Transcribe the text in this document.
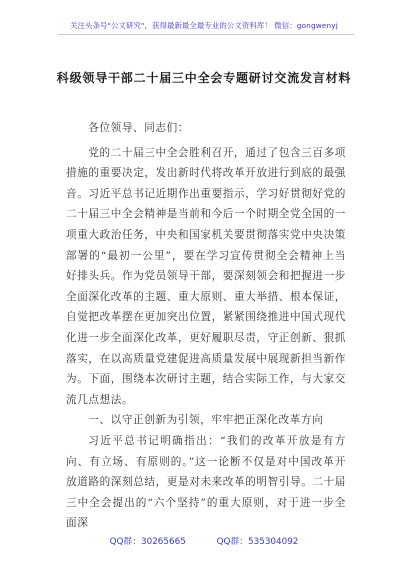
关注头条号"公文研究"，获得最新最全最专业的公文资料库！ 微信：gongwenyj
科级领导干部二十届三中全会专题研讨交流发言材料

各位领导、同志们：

党的二十届三中全会胜利召开，通过了包含三百多项措施的重要决定，发出新时代将改革开放进行到底的最强音。习近平总书记近期作出重要指示，学习好贯彻好党的二十届三中全会精神是当前和今后一个时期全党全国的一项重大政治任务，中央和国家机关要贯彻落实党中央决策部署的“最初一公里”，要在学习宣传贯彻全会精神上当好排头兵。作为党员领导干部，要深刻领会和把握进一步全面深化改革的主题、重大原则、重大举措、根本保证，自觉把改革摆在更加突出位置，紧紧围绕推进中国式现代化进一步全面深化改革，更好履职尽责，守正创新、狠抓落实，在以高质量党建促进高质量发展中展现新担当新作为。下面，围绕本次研讨主题，结合实际工作，与大家交流几点想法。

一、以守正创新为引领，牢牢把正深化改革方向

习近平总书记明确指出：“我们的改革开放是有方向、有立场、有原则的。”这一论断不仅是对中国改革开放道路的深刻总结，更是对未来改革的明智引导。二十届三中全会提出的“六个坚持”的重大原则，对于进一步全面深

QQ群：30265665	QQ群：535304092
